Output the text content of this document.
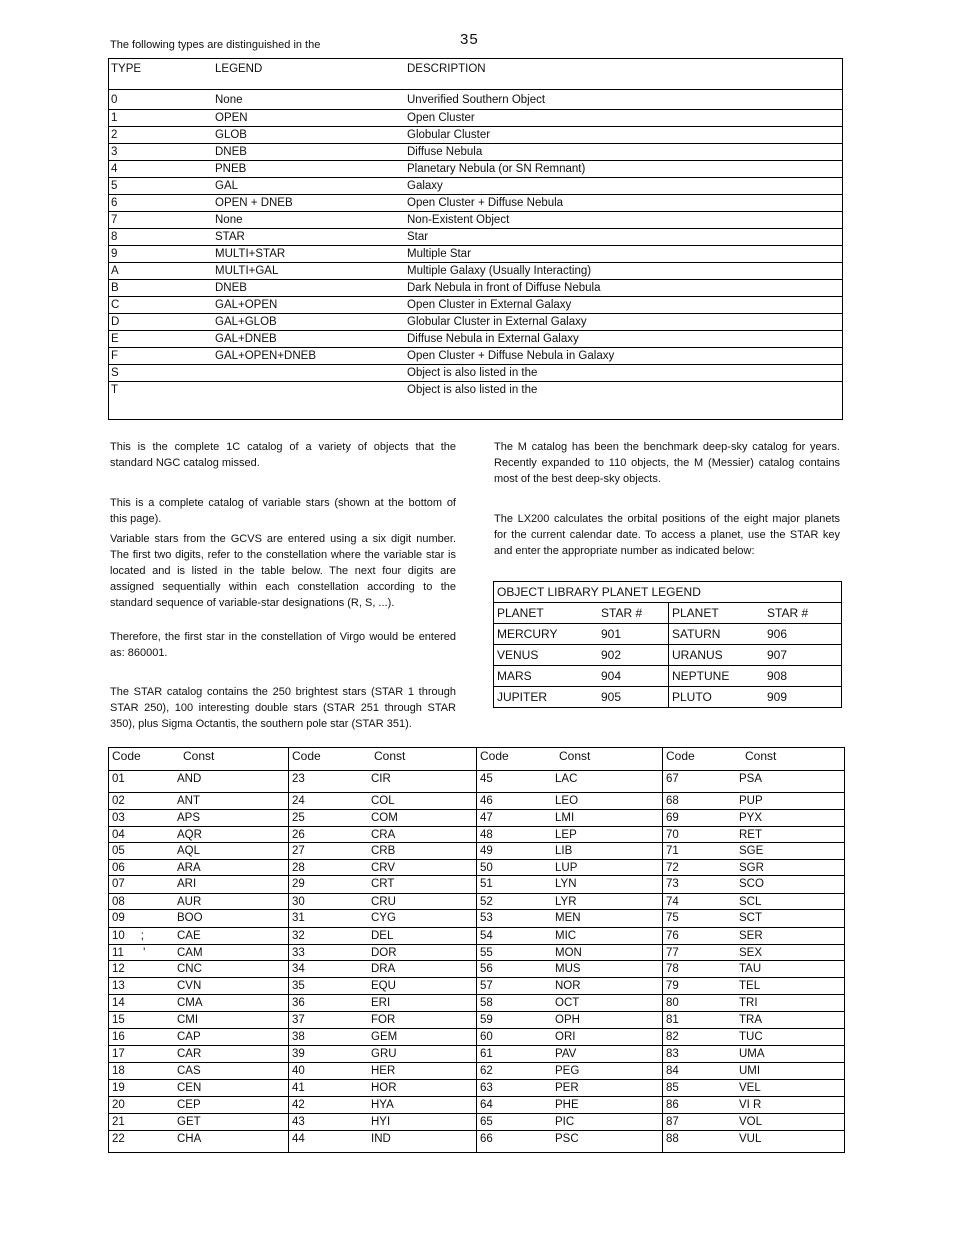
35
The following types are distinguished in the
TYPE	LEGEND	DESCRIPTION
0	None	Unverified Southern Object
1	OPEN	Open Cluster
2	GLOB	Globular Cluster
3	DNEB	Diffuse Nebula
4	PNEB	Planetary Nebula (or SN Remnant)
5	GAL	Galaxy
6	OPEN + DNEB	Open Cluster + Diffuse Nebula
7	None	Non-Existent Object
8	STAR	Star
9	MULTI+STAR	Multiple Star
A	MULTI+GAL	Multiple Galaxy (Usually Interacting)
B	DNEB	Dark Nebula in front of Diffuse Nebula
C	GAL+OPEN	Open Cluster in External Galaxy
D	GAL+GLOB	Globular Cluster in External Galaxy
E	GAL+DNEB	Diffuse Nebula in External Galaxy
F	GAL+OPEN+DNEB	Open Cluster + Diffuse Nebula in Galaxy
S		Object is also listed in the
T		Object is also listed in the
This is the complete 1C catalog of a variety of objects that the standard NGC catalog missed.
This is a complete catalog of variable stars (shown at the bottom of this page).
Variable stars from the GCVS are entered using a six digit number. The first two digits, refer to the constellation where the variable star is located and is listed in the table below. The next four digits are assigned sequentially within each constellation according to the standard sequence of variable-star designations (R, S, ...).
Therefore, the first star in the constellation of Virgo would be entered as: 860001.
The STAR catalog contains the 250 brightest stars (STAR 1 through STAR 250), 100 interesting double stars (STAR 251 through STAR 350), plus Sigma Octantis, the southern pole star (STAR 351).
The M catalog has been the benchmark deep-sky catalog for years. Recently expanded to 110 objects, the M (Messier) catalog contains most of the best deep-sky objects.
The LX200 calculates the orbital positions of the eight major planets for the current calendar date. To access a planet, use the STAR key and enter the appropriate number as indicated below:
OBJECT LIBRARY PLANET LEGEND			
PLANET	STAR #	PLANET	STAR #
MERCURY	901	SATURN	906
VENUS	902	URANUS	907
MARS	904	NEPTUNE	908
JUPITER	905	PLUTO	909
Code	Const
01	AND
02	ANT
03	APS
04	AQR
05	AQL
06	ARA
07	ARI
08	AUR
09	BOO
10     ;	CAE
11      '	CAM
12	CNC
13	CVN
14	CMA
15	CMI
16	CAP
17	CAR
18	CAS
19	CEN
20	CEP
21	GET
22	CHA
Code	Const
23	CIR
24	COL
25	COM
26	CRA
27	CRB
28	CRV
29	CRT
30	CRU
31	CYG
32	DEL
33	DOR
34	DRA
35	EQU
36	ERI
37	FOR
38	GEM
39	GRU
40	HER
41	HOR
42	HYA
43	HYI
44	IND
Code	Const
45	LAC
46	LEO
47	LMI
48	LEP
49	LIB
50	LUP
51	LYN
52	LYR
53	MEN
54	MIC
55	MON
56	MUS
57	NOR
58	OCT
59	OPH
60	ORI
61	PAV
62	PEG
63	PER
64	PHE
65	PIC
66	PSC
Code	Const
67	PSA
68	PUP
69	PYX
70	RET
71	SGE
72	SGR
73	SCO
74	SCL
75	SCT
76	SER
77	SEX
78	TAU
79	TEL
80	TRI
81	TRA
82	TUC
83	UMA
84	UMI
85	VEL
86	VI R
87	VOL
88	VUL
